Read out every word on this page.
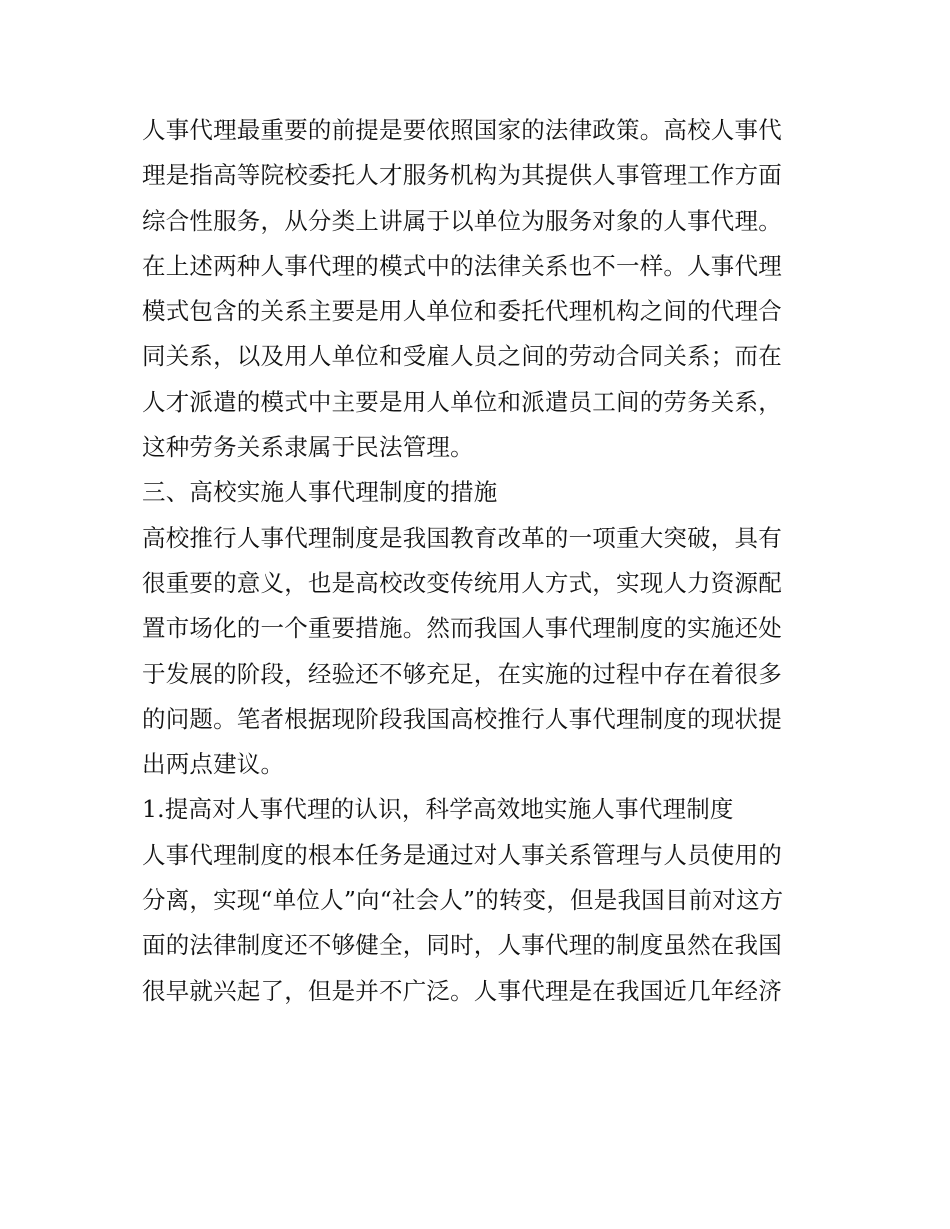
人事代理最重要的前提是要依照国家的法律政策。高校人事代
理是指高等院校委托人才服务机构为其提供人事管理工作方面
综合性服务，从分类上讲属于以单位为服务对象的人事代理。
在上述两种人事代理的模式中的法律关系也不一样。人事代理
模式包含的关系主要是用人单位和委托代理机构之间的代理合
同关系，以及用人单位和受雇人员之间的劳动合同关系；而在
人才派遣的模式中主要是用人单位和派遣员工间的劳务关系，
这种劳务关系隶属于民法管理。
三、高校实施人事代理制度的措施
高校推行人事代理制度是我国教育改革的一项重大突破，具有
很重要的意义，也是高校改变传统用人方式，实现人力资源配
置市场化的一个重要措施。然而我国人事代理制度的实施还处
于发展的阶段，经验还不够充足，在实施的过程中存在着很多
的问题。笔者根据现阶段我国高校推行人事代理制度的现状提
出两点建议。
1.提高对人事代理的认识，科学高效地实施人事代理制度
人事代理制度的根本任务是通过对人事关系管理与人员使用的
分离，实现“单位人”向“社会人”的转变，但是我国目前对这方
面的法律制度还不够健全，同时，人事代理的制度虽然在我国
很早就兴起了，但是并不广泛。人事代理是在我国近几年经济
